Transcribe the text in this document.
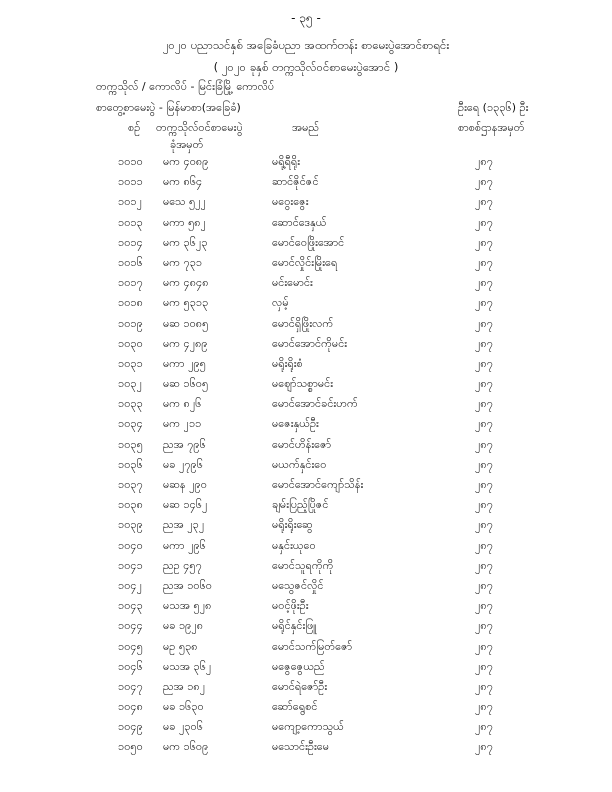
- ၃၅ -
၂၀၂၀ ပညာသင်နှစ် အခြေခံပညာ အထက်တန်း စာမေးပွဲအောင်စာရင်း
( ၂၀၂၀ ခုနှစ် တက္ကသိုလ်ဝင်စာမေးပွဲအောင် )
တက္ကသိုလ် / ကောလိပ် - မြင်းခြံမြို့ ကောလိပ်
စာတွေ့စာမေးပွဲ - မြန်မာစာ(အခြေခံ)	ဦးရေ (၁၃၃၆) ဦး
စဉ် တက္ကသိုလ်ဝင်စာမေးပွဲ
ခုံအမှတ်
အမည်	စာစစ်ဌာနအမှတ်
၁၀၁၀ မက ၄၀၈၉	မရို့ရီရိုး	၂၈၇
၁၀၁၁ မက ၈၆၄	ဆာင်ဇိုင်ဇင်	၂၈၇
၁၀၁၂ မသေ ၅၂၂	မဝွေးဇွေး	၂၈၇
၁၀၁၃ မကာ ၅၈၂	ဆောင်ဒေနှယ်	၂၈၇
၁၀၁၄ မက ၃၆၂၃	မောင်ဝေဖြိုးအောင်	၂၈၇
၁၀၁၆ မက ၇၃၁	မောင်လှိုင်းမြိုးရေ	၂၈၇
၁၀၁၇ မက ၄၈၄၈	မင်းမောင်း	၂၈၇
၁၀၁၈ မက ၅၃၁၃	လှမ့်	၂၈၇
၁၀၁၉ မဆ ၁၀၈၅	မောင်ရှိဖြိုးလက်	၂၈၇
၁၀၃၀ မက ၄၂၈၉	မောင်အောင်ကိုမင်း	၂၈၇
၁၀၃၁ မကာ ၂၉၅	မရိုးရိုးစံ	၂၈၇
၁၀၃၂ မဆ ၁၆၀၅	မဈော်သစ္စာမင်း	၂၈၇
၁၀၃၃ မက ၈၂၆	မောင်အောင်ခင်းဟက်	၂၈၇
၁၀၃၄ မက ၂၁၁	မဇေးနှယ်ဦး	၂၈၇
၁၀၃၅ ညအ ၇၉၆	မောင်ဟိန်းဇော်	၂၈၇
၁၀၃၆ မခ ၂၇၉၆	မယက်နှင်းဝေ	၂၈၇
၁၀၃၇ မဆန ၂၉၀	မောင်အောင်ကျော်သိန်း	၂၈၇
၁၀၃၈ မဆ ၁၄၆၂	ချမ်းပြည့်ပြိုဇင်	၂၈၇
၁၀၃၉ ညအ ၂၃၂	မရိုးရိုးဆွေ	၂၈၇
၁၀၄၀ မကာ ၂၉၆	မနှင်းယုဝေ	၂၈၇
၁၀၄၁ ညဥ ၄၅၇	မောင်သူရကိုကို	၂၈၇
၁၀၄၂ ညအ ၁၀၆၀	မသွေဇင်လှိုင်	၂၈၇
၁၀၄၃ မသအ ၅၂၈	မဝင့်ဖိုးဦး	၂၈၇
၁၀၄၄ မခ ၁၉၂၈	မရိုင်နှင်းဖြူ	၂၈၇
၁၀၄၅ မဥ ၅၃၈	မောင်သက်မြတ်ဇော်	၂၈၇
၁၀၄၆ မသအ ၃၆၂	မဇွေဇွေယည်	၂၈၇
၁၀၄၇ ညအ ၁၈၂	မောင်ရဲဇော်ဦး	၂၈၇
၁၀၄၈ မခ ၁၆၃၀	ဆော်ရွေစင်	၂၈၇
၁၀၄၉ မခ ၂၃၀၆	မကျော့ကောသွယ်	၂၈၇
၁၀၅၀ မက ၁၆၀၉	မသောင်းဦးမေ	၂၈၇
